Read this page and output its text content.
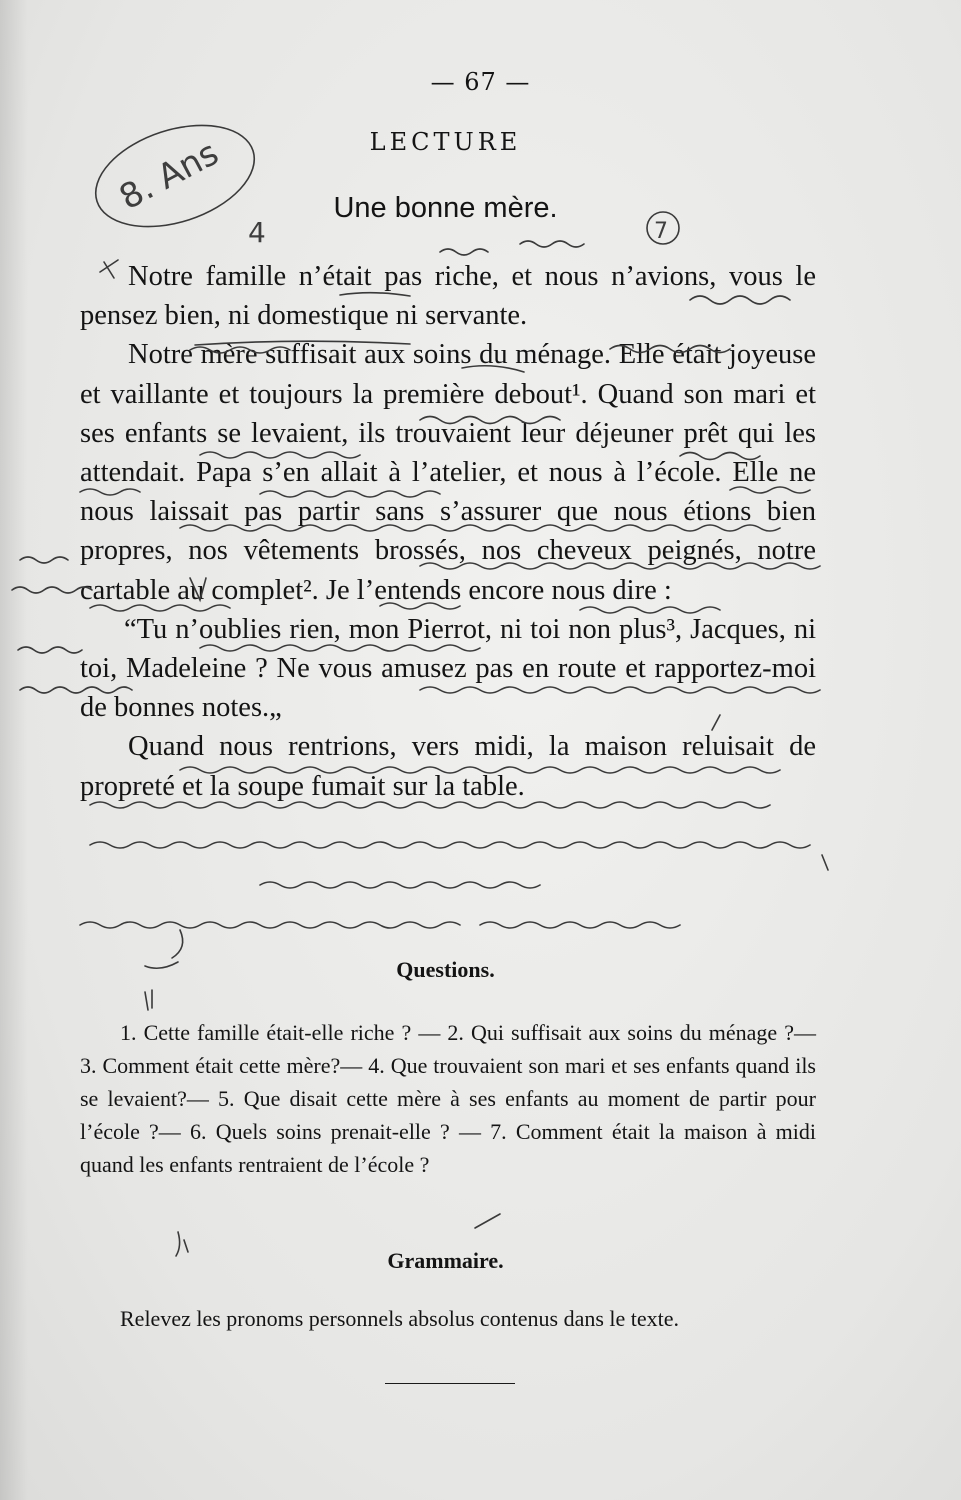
— 67 —
LECTURE
Une bonne mère.

Notre famille n’était pas riche, et nous n’avions, vous le pensez bien, ni domestique ni servante.

Notre mère suffisait aux soins du ménage. Elle était joyeuse et vaillante et toujours la première debout¹. Quand son mari et ses enfants se levaient, ils trouvaient leur déjeuner prêt qui les attendait. Papa s’en allait à l’atelier, et nous à l’école. Elle ne nous laissait pas partir sans s’assurer que nous étions bien propres, nos vêtements brossés, nos cheveux peignés, notre cartable au complet². Je l’entends encore nous dire :

“Tu n’oublies rien, mon Pierrot, ni toi non plus³, Jacques, ni toi, Madeleine ? Ne vous amusez pas en route et rapportez-moi de bonnes notes.„

Quand nous rentrions, vers midi, la maison reluisait de propreté et la soupe fumait sur la table.

Questions.

1. Cette famille était-elle riche ? — 2. Qui suffisait aux soins du ménage ?— 3. Comment était cette mère?— 4. Que trouvaient son mari et ses enfants quand ils se levaient?— 5. Que disait cette mère à ses enfants au moment de partir pour l’école ?— 6. Quels soins prenait-elle ? — 7. Comment était la maison à midi quand les enfants rentraient de l’école ?

Grammaire.

Relevez les pronoms personnels absolus contenus dans le texte.

8. Ans
7
4
